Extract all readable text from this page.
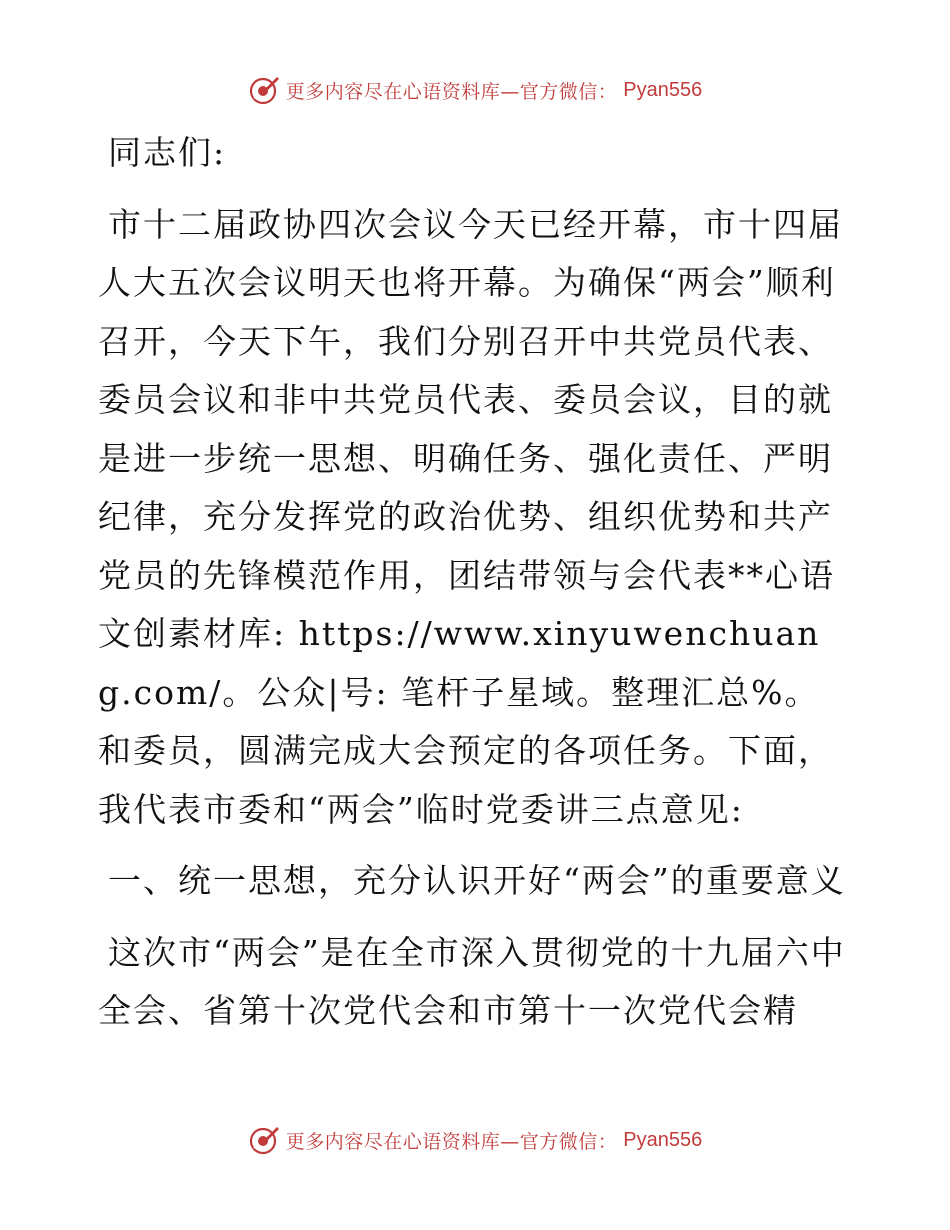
更多内容尽在心语资料库—官方微信： Pyan556

同志们:

市十二届政协四次会议今天已经开幕，市十四届人大五次会议明天也将开幕。为确保“两会”顺利召开，今天下午，我们分别召开中共党员代表、委员会议和非中共党员代表、委员会议，目的就是进一步统一思想、明确任务、强化责任、严明纪律，充分发挥党的政治优势、组织优势和共产党员的先锋模范作用，团结带领与会代表**心语文创素材库: https://www.xinyuwenchuang.com/。公众|号: 笔杆子星域。整理汇总%。和委员，圆满完成大会预定的各项任务。下面，我代表市委和“两会”临时党委讲三点意见:

一、统一思想，充分认识开好“两会”的重要意义

这次市“两会”是在全市深入贯彻党的十九届六中全会、省第十次党代会和市第十一次党代会精

更多内容尽在心语资料库—官方微信： Pyan556
